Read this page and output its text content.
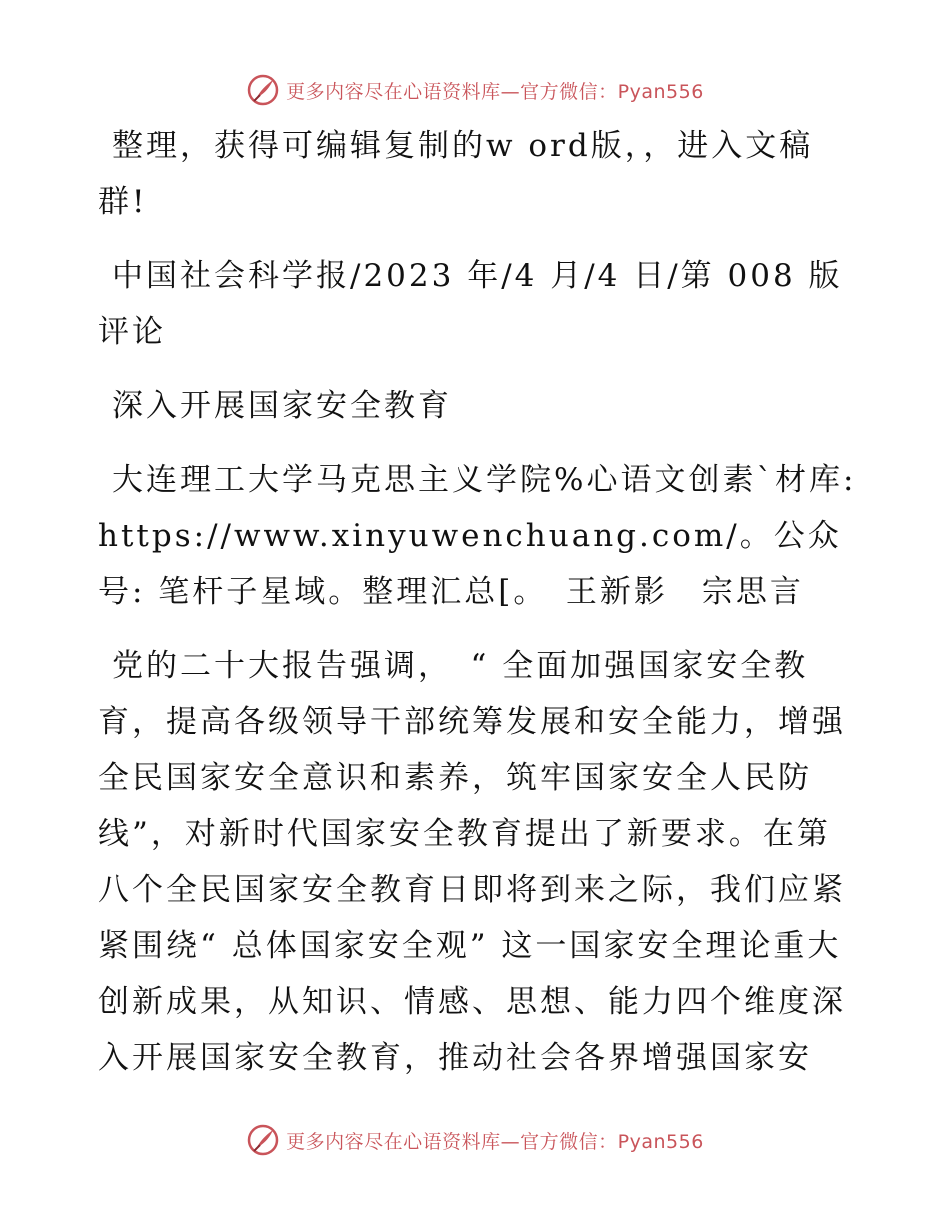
更多内容尽在心语资料库—官方微信：Pyan556

整理，获得可编辑复制的w ord版，，进入文稿群!

中国社会科学报/2023 年/4 月/4 日/第 008 版评论

深入开展国家安全教育

大连理工大学马克思主义学院%心语文创素`材库: https://www.xinyuwenchuang.com/。公众号: 笔杆子星域。整理汇总[。　王新影　宗思言

党的二十大报告强调，　“ 全面加强国家安全教育，提高各级领导干部统筹发展和安全能力，增强全民国家安全意识和素养，筑牢国家安全人民防线”，对新时代国家安全教育提出了新要求。在第八个全民国家安全教育日即将到来之际，我们应紧紧围绕“ 总体国家安全观” 这一国家安全理论重大创新成果，从知识、情感、思想、能力四个维度深入开展国家安全教育，推动社会各界增强国家安

更多内容尽在心语资料库—官方微信：Pyan556
